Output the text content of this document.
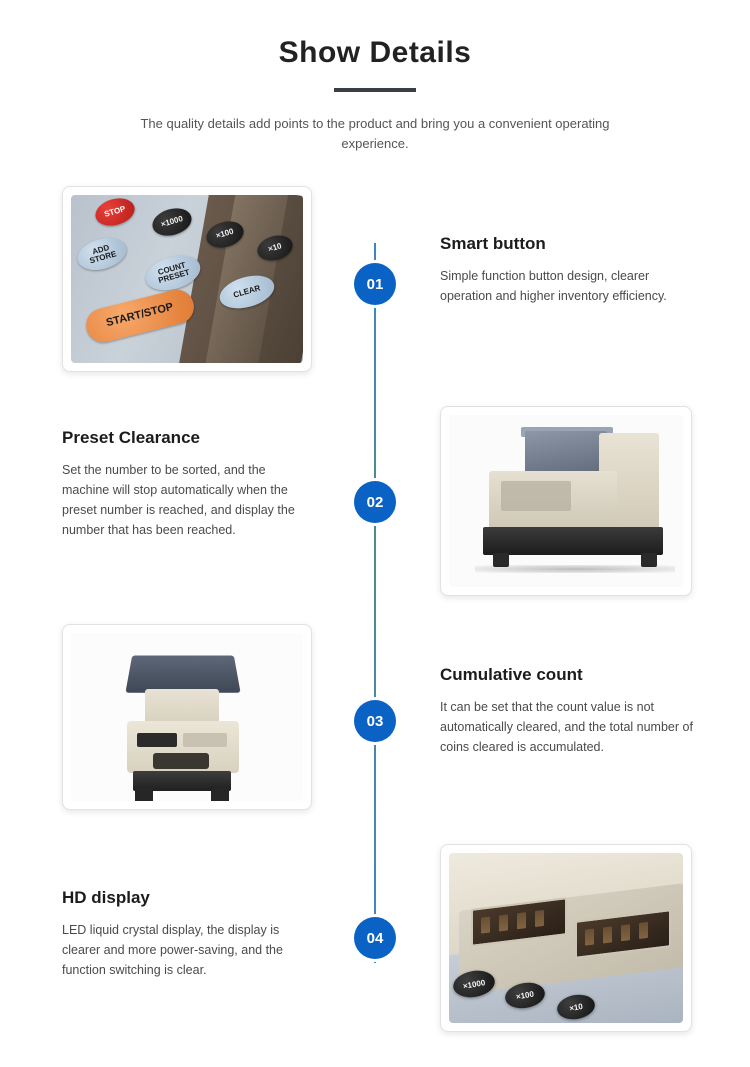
Show Details

The quality details add points to the product and bring you a convenient operating experience.

01
02
03
04
STOP
×1000
×100
×10
ADD
STORE
COUNT
PRESET
CLEAR
START/STOP
Smart button

Simple function button design, clearer operation and higher inventory efficiency.

Preset Clearance

Set the number to be sorted, and the machine will stop automatically when the preset number is reached, and display the number that has been reached.

Cumulative count

It can be set that the count value is not automatically cleared, and the total number of coins cleared is accumulated.

HD display

LED liquid crystal display, the display is clearer and more power-saving, and the function switching is clear.

×1000
×100
×10
